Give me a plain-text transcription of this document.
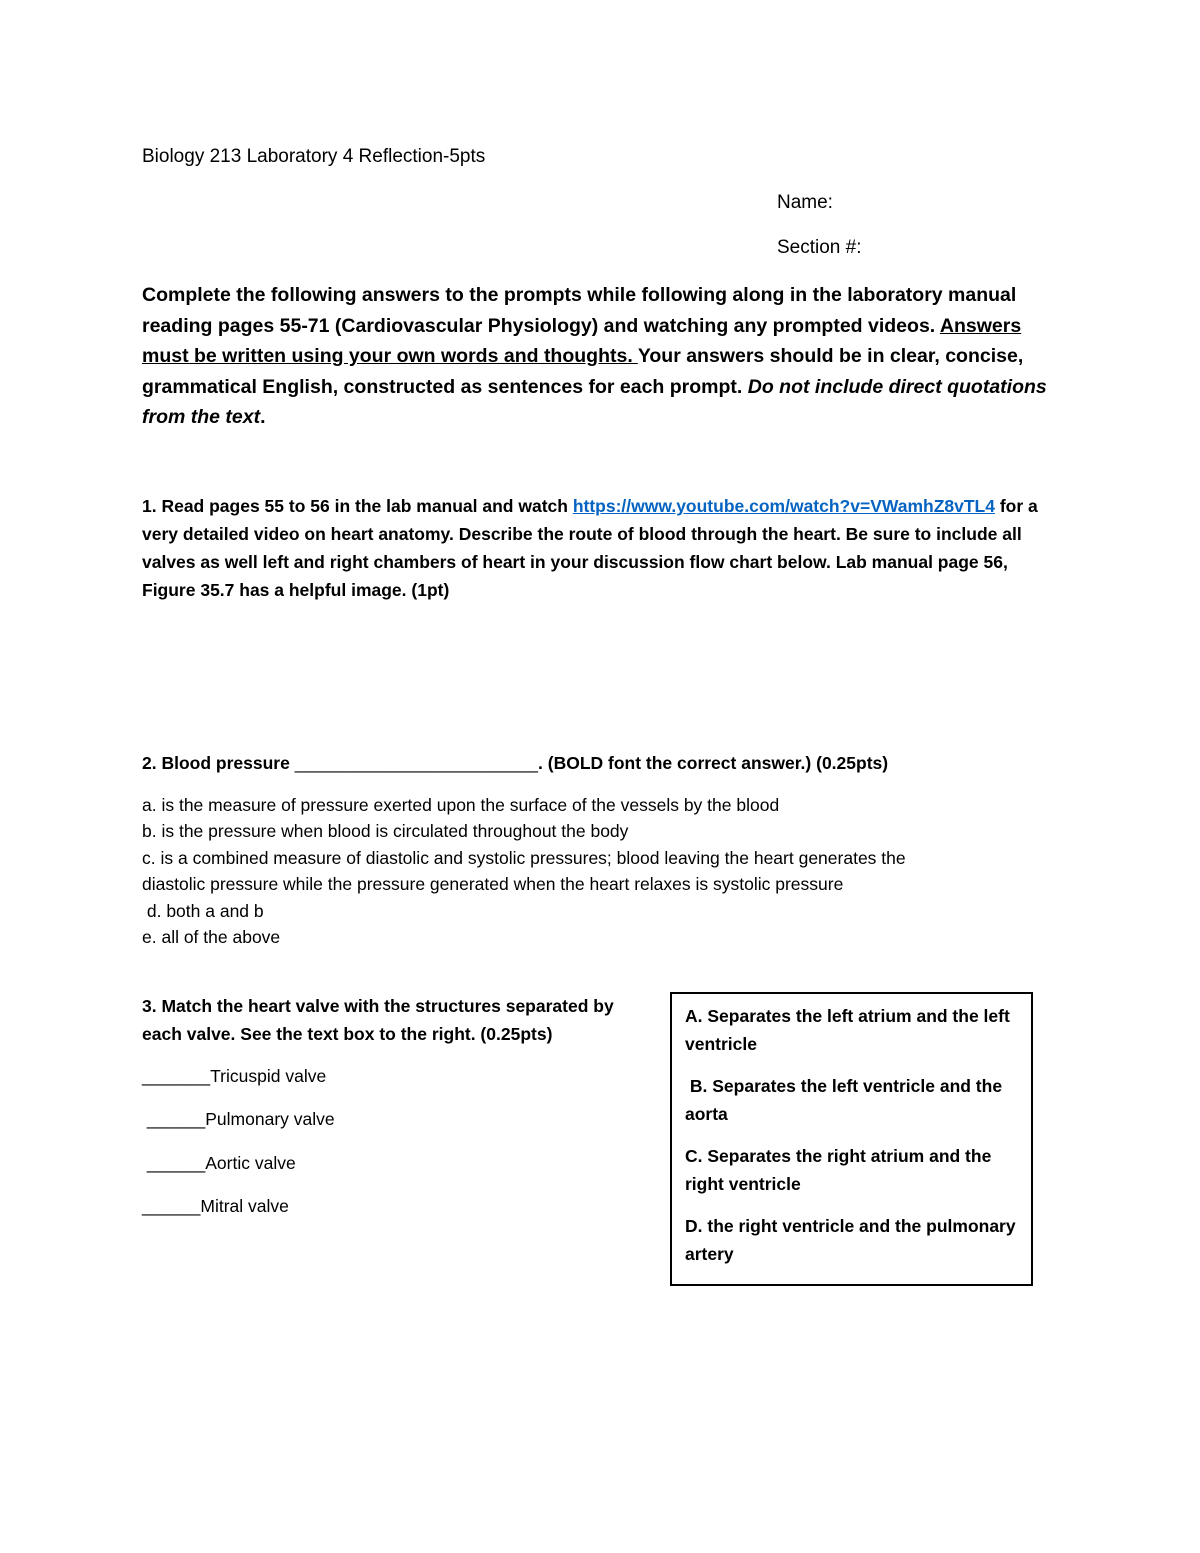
Biology 213 Laboratory 4 Reflection-5pts
Name:
Section #:
Complete the following answers to the prompts while following along in the laboratory manual reading pages 55-71 (Cardiovascular Physiology) and watching any prompted videos. Answers must be written using your own words and thoughts. Your answers should be in clear, concise, grammatical English, constructed as sentences for each prompt. Do not include direct quotations from the text.
1. Read pages 55 to 56 in the lab manual and watch https://www.youtube.com/watch?v=VWamhZ8vTL4 for a very detailed video on heart anatomy. Describe the route of blood through the heart. Be sure to include all valves as well left and right chambers of heart in your discussion flow chart below. Lab manual page 56, Figure 35.7 has a helpful image. (1pt)
2. Blood pressure _________________________. (BOLD font the correct answer.) (0.25pts)
a. is the measure of pressure exerted upon the surface of the vessels by the blood
b. is the pressure when blood is circulated throughout the body
c. is a combined measure of diastolic and systolic pressures; blood leaving the heart generates the
diastolic pressure while the pressure generated when the heart relaxes is systolic pressure
d. both a and b
e. all of the above
3. Match the heart valve with the structures separated by each valve. See the text box to the right. (0.25pts)
_______Tricuspid valve
______Pulmonary valve
______Aortic valve
______Mitral valve

A. Separates the left atrium and the left ventricle

B. Separates the left ventricle and the aorta

C. Separates the right atrium and the right ventricle

D. the right ventricle and the pulmonary artery
